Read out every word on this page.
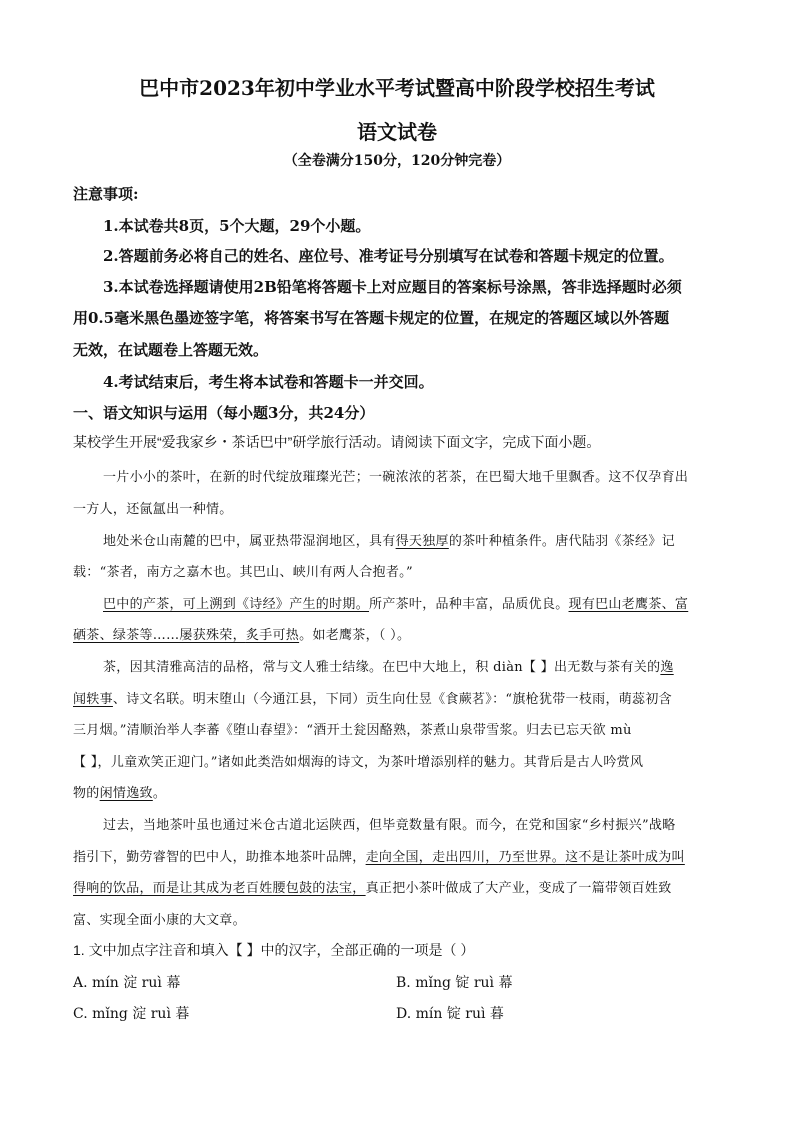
巴中市2023年初中学业水平考试暨高中阶段学校招生考试
语文试卷
（全卷满分150分，120分钟完卷）
注意事项:
1.本试卷共8页，5个大题，29个小题。
2.答题前务必将自己的姓名、座位号、准考证号分别填写在试卷和答题卡规定的位置。
3.本试卷选择题请使用2B铅笔将答题卡上对应题目的答案标号涂黑，答非选择题时必须
用0.5毫米黑色墨迹签字笔，将答案书写在答题卡规定的位置，在规定的答题区域以外答题
无效，在试题卷上答题无效。
4.考试结束后，考生将本试卷和答题卡一并交回。
一、语文知识与运用（每小题3分，共24分）
某校学生开展“爱我家乡・茶话巴中”研学旅行活动。请阅读下面文字，完成下面小题。
一片小小的茶叶，在新的时代绽放璀璨光芒；一碗浓浓的茗茶，在巴蜀大地千里飘香。这不仅孕育出
一方人，还氤氲出一种情。
地处米仓山南麓的巴中，属亚热带湿润地区，具有得天独厚的茶叶种植条件。唐代陆羽《茶经》记
载：“茶者，南方之嘉木也。其巴山、峡川有两人合抱者。”
巴中的产茶，可上溯到《诗经》产生的时期。所产茶叶，品种丰富，品质优良。现有巴山老鹰茶、富
硒茶、绿茶等……屡获殊荣，炙手可热。如老鹰茶，（ ）。
茶，因其清雅高洁的品格，常与文人雅士结缘。在巴中大地上，积 diàn【 】出无数与茶有关的逸
闻轶事、诗文名联。明末堕山（今通江县，下同）贡生向仕昱《食蕨茗》：“旗枪犹带一枝雨，萌蕊初含
三月烟。”清顺治举人李蕃《堕山春望》：“酒开土瓮因酪熟，茶煮山泉带雪浆。归去已忘天欲 mù
【 】，儿童欢笑正迎门。”诸如此类浩如烟海的诗文，为茶叶增添别样的魅力。其背后是古人吟赏风
物的闲情逸致。
过去，当地茶叶虽也通过米仓古道北运陕西，但毕竟数量有限。而今，在党和国家“乡村振兴”战略
指引下，勤劳睿智的巴中人，助推本地茶叶品牌，走向全国，走出四川，乃至世界。这不是让茶叶成为叫
得响的饮品，而是让其成为老百姓腰包鼓的法宝，真正把小茶叶做成了大产业，变成了一篇带领百姓致
富、实现全面小康的大文章。
1. 文中加点字注音和填入【 】中的汉字，全部正确的一项是（ ）
A. mín 淀 ruì 幕	B. mǐng 锭 ruì 幕
C. mǐng 淀 ruì 暮	D. mín 锭 ruì 暮
